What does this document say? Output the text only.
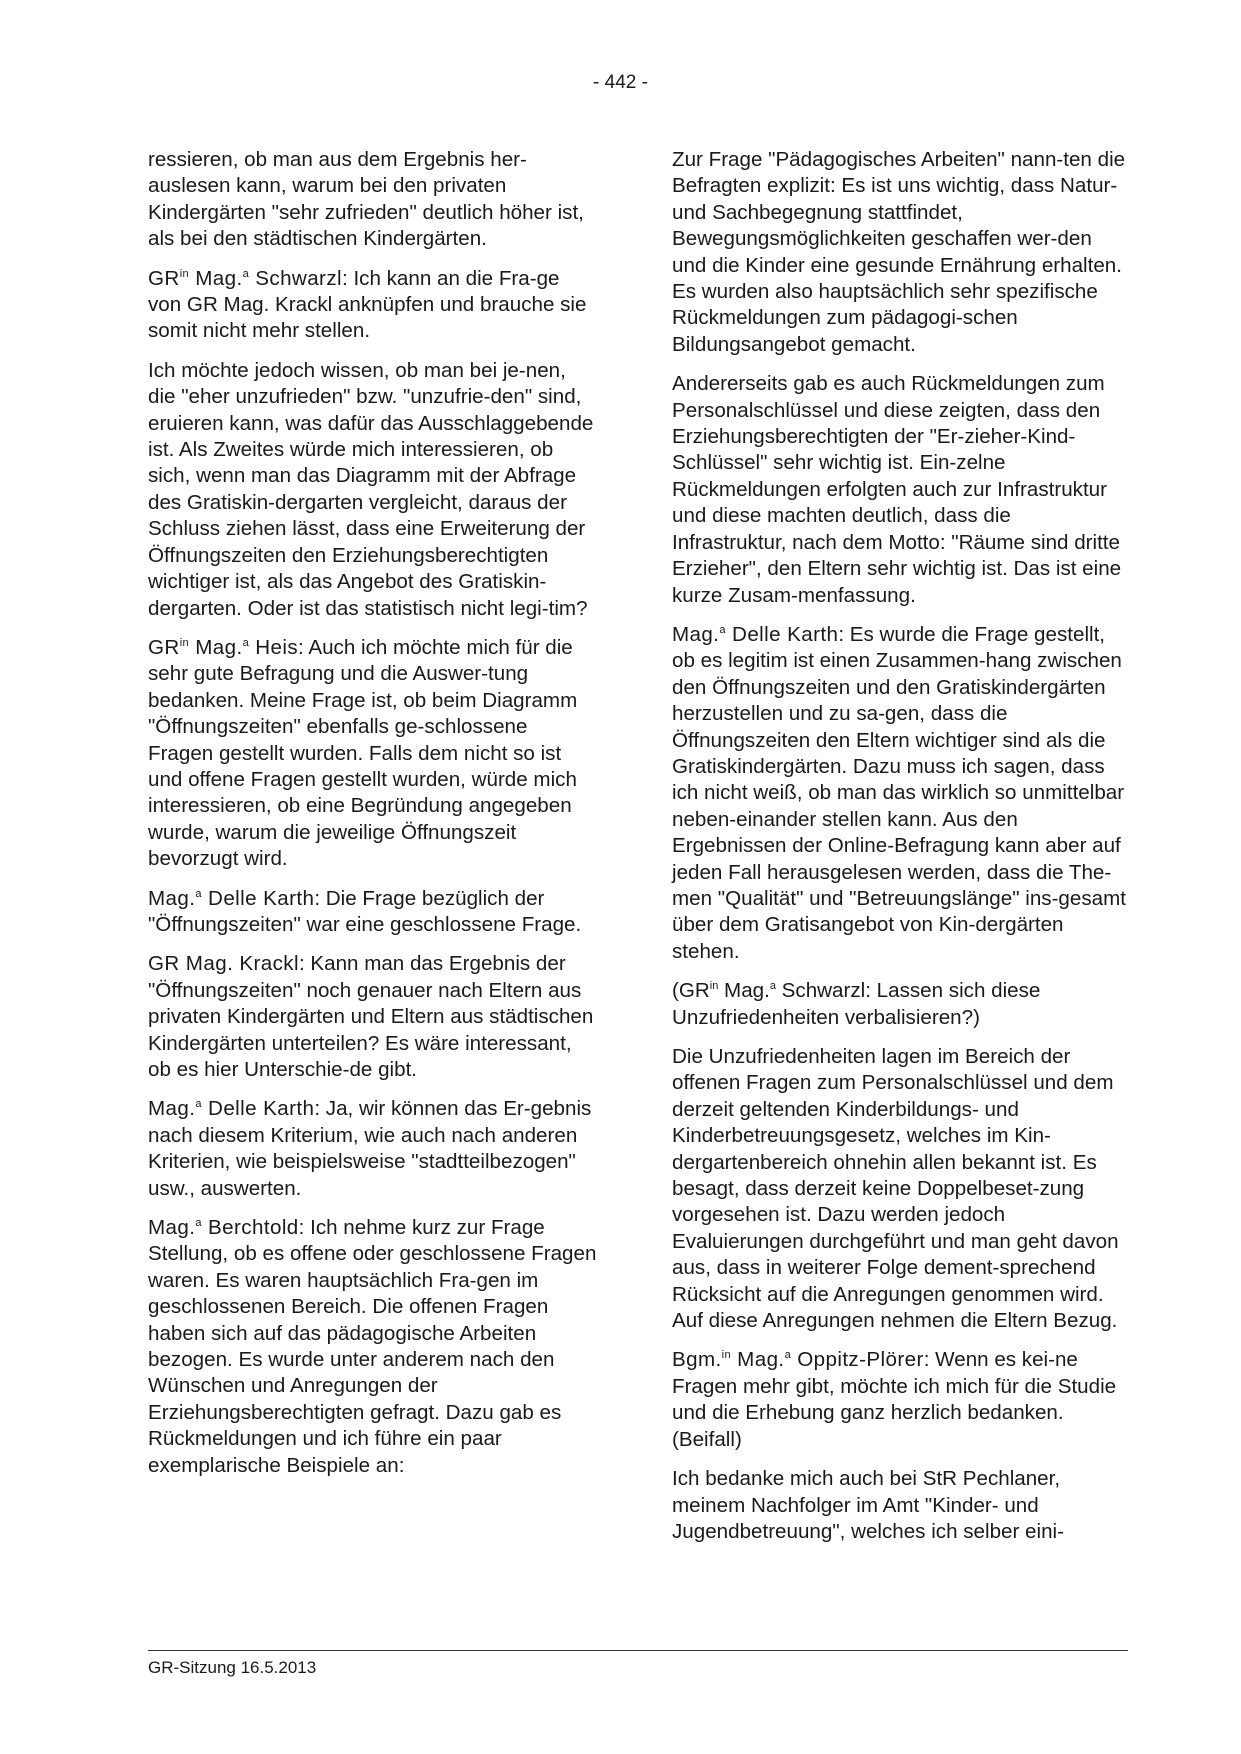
- 442 -

ressieren, ob man aus dem Ergebnis her-auslesen kann, warum bei den privaten Kindergärten "sehr zufrieden" deutlich höher ist, als bei den städtischen Kindergärten.

$GR^{in}$ Mag.$^a$ Schwarzl: Ich kann an die Fra-ge von GR Mag. Krackl anknüpfen und brauche sie somit nicht mehr stellen.

Ich möchte jedoch wissen, ob man bei je-nen, die "eher unzufrieden" bzw. "unzufrie-den" sind, eruieren kann, was dafür das Ausschlaggebende ist. Als Zweites würde mich interessieren, ob sich, wenn man das Diagramm mit der Abfrage des Gratiskin-dergarten vergleicht, daraus der Schluss ziehen lässt, dass eine Erweiterung der Öffnungszeiten den Erziehungsberechtigten wichtiger ist, als das Angebot des Gratiskin-dergarten. Oder ist das statistisch nicht legi-tim?

$GR^{in}$ Mag.$^a$ Heis: Auch ich möchte mich für die sehr gute Befragung und die Auswer-tung bedanken. Meine Frage ist, ob beim Diagramm "Öffnungszeiten" ebenfalls ge-schlossene Fragen gestellt wurden. Falls dem nicht so ist und offene Fragen gestellt wurden, würde mich interessieren, ob eine Begründung angegeben wurde, warum die jeweilige Öffnungszeit bevorzugt wird.

Mag.$^a$ Delle Karth: Die Frage bezüglich der "Öffnungszeiten" war eine geschlossene Frage.

GR Mag. Krackl: Kann man das Ergebnis der "Öffnungszeiten" noch genauer nach Eltern aus privaten Kindergärten und Eltern aus städtischen Kindergärten unterteilen? Es wäre interessant, ob es hier Unterschie-de gibt.

Mag.$^a$ Delle Karth: Ja, wir können das Er-gebnis nach diesem Kriterium, wie auch nach anderen Kriterien, wie beispielsweise "stadtteilbezogen" usw., auswerten.

Mag.$^a$ Berchtold: Ich nehme kurz zur Frage Stellung, ob es offene oder geschlossene Fragen waren. Es waren hauptsächlich Fra-gen im geschlossenen Bereich. Die offenen Fragen haben sich auf das pädagogische Arbeiten bezogen. Es wurde unter anderem nach den Wünschen und Anregungen der Erziehungsberechtigten gefragt. Dazu gab es Rückmeldungen und ich führe ein paar exemplarische Beispiele an:

Zur Frage "Pädagogisches Arbeiten" nann-ten die Befragten explizit: Es ist uns wichtig, dass Natur- und Sachbegegnung stattfindet, Bewegungsmöglichkeiten geschaffen wer-den und die Kinder eine gesunde Ernährung erhalten. Es wurden also hauptsächlich sehr spezifische Rückmeldungen zum pädagogi-schen Bildungsangebot gemacht.

Andererseits gab es auch Rückmeldungen zum Personalschlüssel und diese zeigten, dass den Erziehungsberechtigten der "Er-zieher-Kind-Schlüssel" sehr wichtig ist. Ein-zelne Rückmeldungen erfolgten auch zur Infrastruktur und diese machten deutlich, dass die Infrastruktur, nach dem Motto: "Räume sind dritte Erzieher", den Eltern sehr wichtig ist. Das ist eine kurze Zusam-menfassung.

Mag.$^a$ Delle Karth: Es wurde die Frage gestellt, ob es legitim ist einen Zusammen-hang zwischen den Öffnungszeiten und den Gratiskindergärten herzustellen und zu sa-gen, dass die Öffnungszeiten den Eltern wichtiger sind als die Gratiskindergärten. Dazu muss ich sagen, dass ich nicht weiß, ob man das wirklich so unmittelbar neben-einander stellen kann. Aus den Ergebnissen der Online-Befragung kann aber auf jeden Fall herausgelesen werden, dass die The-men "Qualität" und "Betreuungslänge" ins-gesamt über dem Gratisangebot von Kin-dergärten stehen.

($GR^{in}$ Mag.$^a$ Schwarzl: Lassen sich diese Unzufriedenheiten verbalisieren?)

Die Unzufriedenheiten lagen im Bereich der offenen Fragen zum Personalschlüssel und dem derzeit geltenden Kinderbildungs- und Kinderbetreuungsgesetz, welches im Kin-dergartenbereich ohnehin allen bekannt ist. Es besagt, dass derzeit keine Doppelbeset-zung vorgesehen ist. Dazu werden jedoch Evaluierungen durchgeführt und man geht davon aus, dass in weiterer Folge dement-sprechend Rücksicht auf die Anregungen genommen wird. Auf diese Anregungen nehmen die Eltern Bezug.

Bgm.$^{in}$ Mag.$^a$ Oppitz-Plörer: Wenn es kei-ne Fragen mehr gibt, möchte ich mich für die Studie und die Erhebung ganz herzlich bedanken. (Beifall)

Ich bedanke mich auch bei StR Pechlaner, meinem Nachfolger im Amt "Kinder- und Jugendbetreuung", welches ich selber eini-

GR-Sitzung 16.5.2013
